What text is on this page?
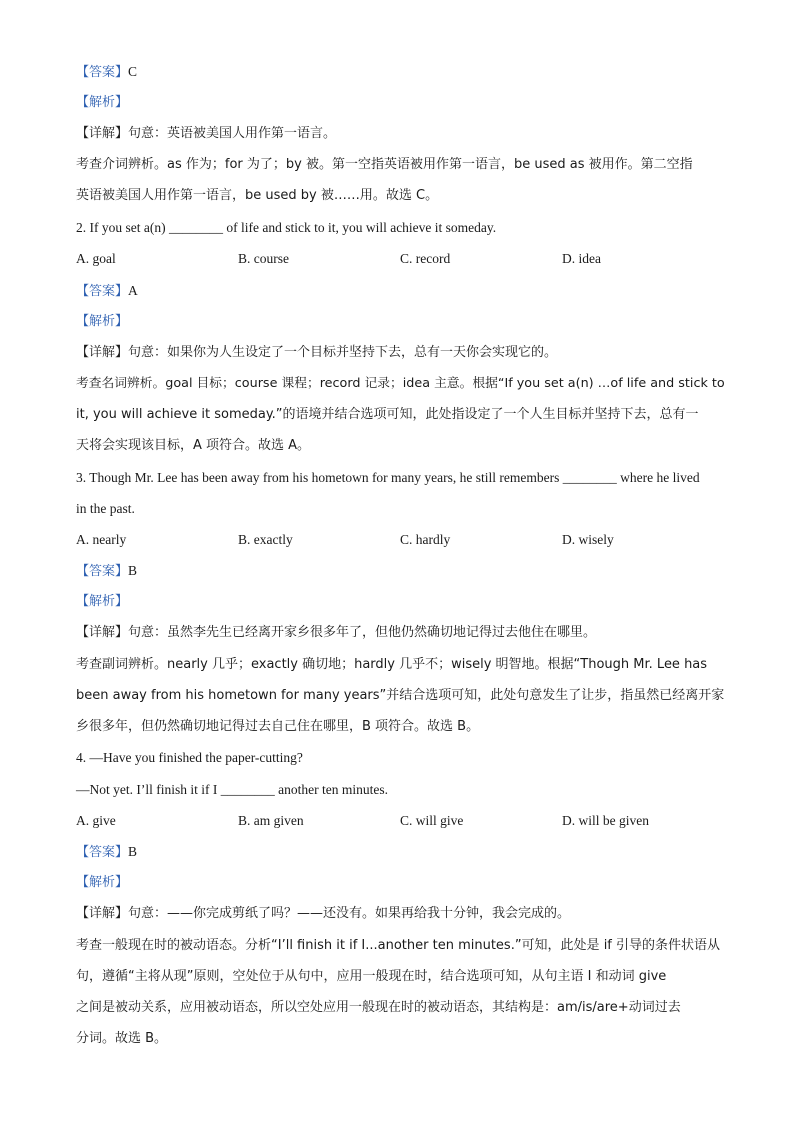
【答案】C
【解析】
【详解】句意：英语被美国人用作第一语言。
考查介词辨析。as 作为；for 为了；by 被。第一空指英语被用作第一语言，be used as 被用作。第二空指
英语被美国人用作第一语言，be used by 被……用。故选 C。
2. If you set a(n) ________ of life and stick to it, you will achieve it someday.
A. goal	B. course	C. record	D. idea
【答案】A
【解析】
【详解】句意：如果你为人生设定了一个目标并坚持下去，总有一天你会实现它的。
考查名词辨析。goal 目标；course 课程；record 记录；idea 主意。根据“If you set a(n) …of life and stick to
it, you will achieve it someday.”的语境并结合选项可知，此处指设定了一个人生目标并坚持下去，总有一
天将会实现该目标，A 项符合。故选 A。
3. Though Mr. Lee has been away from his hometown for many years, he still remembers ________ where he lived
in the past.
A. nearly	B. exactly	C. hardly	D. wisely
【答案】B
【解析】
【详解】句意：虽然李先生已经离开家乡很多年了，但他仍然确切地记得过去他住在哪里。
考查副词辨析。nearly 几乎；exactly 确切地；hardly 几乎不；wisely 明智地。根据“Though Mr. Lee has
been away from his hometown for many years”并结合选项可知，此处句意发生了让步，指虽然已经离开家
乡很多年，但仍然确切地记得过去自己住在哪里，B 项符合。故选 B。
4. —Have you finished the paper-cutting?
—Not yet. I’ll finish it if I ________ another ten minutes.
A. give	B. am given	C. will give	D. will be given
【答案】B
【解析】
【详解】句意：——你完成剪纸了吗？——还没有。如果再给我十分钟，我会完成的。
考查一般现在时的被动语态。分析“I’ll finish it if I...another ten minutes.”可知，此处是 if 引导的条件状语从
句，遵循“主将从现”原则，空处位于从句中，应用一般现在时，结合选项可知，从句主语 I 和动词 give
之间是被动关系，应用被动语态，所以空处应用一般现在时的被动语态，其结构是：am/is/are+动词过去
分词。故选 B。
